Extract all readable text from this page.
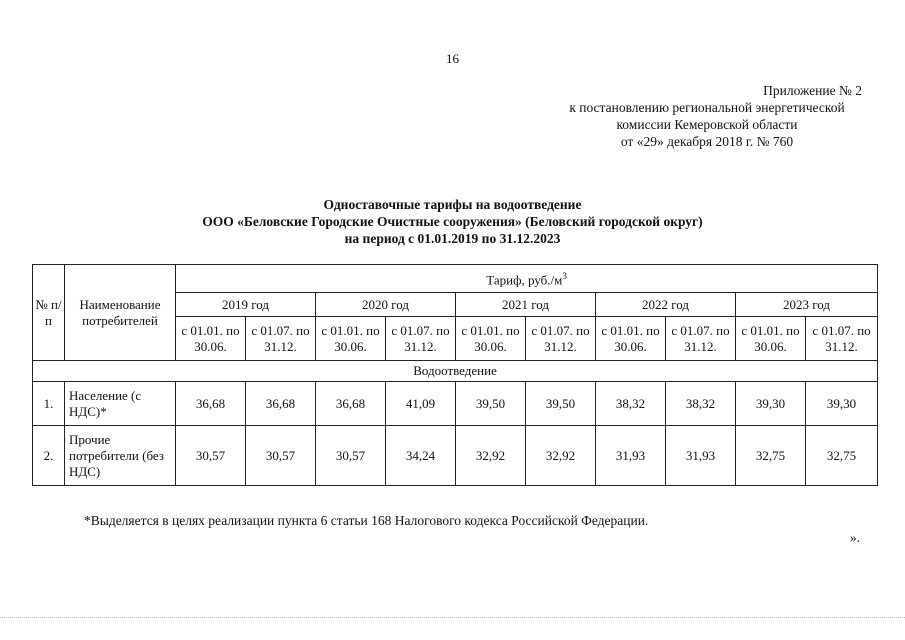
16
Приложение № 2
к постановлению региональной энергетической
комиссии Кемеровской области
от «29» декабря 2018 г. № 760
Одноставочные тарифы на водоотведение
ООО «Беловские Городские Очистные сооружения» (Беловский городской округ)
на период с 01.01.2019 по 31.12.2023
№ п/п	Наименование потребителей	Тариф, $руб./м^3$
		2019 год		2020 год		2021 год		2022 год		2023 год	
		с 01.01. по 30.06.	с 01.07. по 31.12.	с 01.01. по 30.06.	с 01.07. по 31.12.	с 01.01. по 30.06.	с 01.07. по 31.12.	с 01.01. по 30.06.	с 01.07. по 31.12.	с 01.01. по 30.06.	с 01.07. по 31.12.
Водоотведение											
1.	Население (с НДС)*	36,68	36,68	36,68	41,09	39,50	39,50	38,32	38,32	39,30	39,30
2.	Прочие потребители (без НДС)	30,57	30,57	30,57	34,24	32,92	32,92	31,93	31,93	32,75	32,75
*Выделяется в целях реализации пункта 6 статьи 168 Налогового кодекса Российской Федерации.
».
